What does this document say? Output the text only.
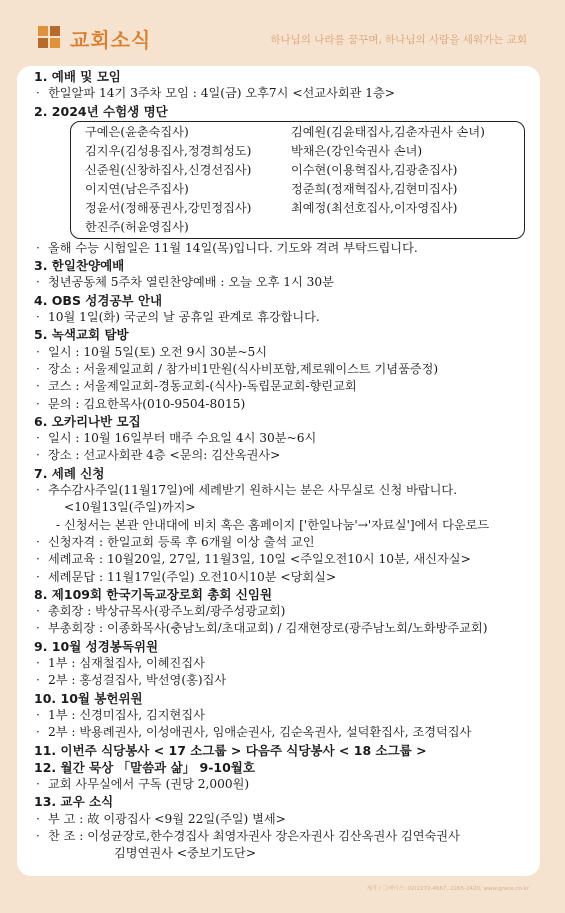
교회소식	하나님의 나라를 꿈꾸며, 하나님의 사람을 세워가는 교회
1. 예배 및 모임
· 한일알파 14기 3주차 모임 : 4일(금) 오후7시 <선교사회관 1층>
2. 2024년 수험생 명단
구예은(윤춘숙집사)	김예원(김윤태집사,김춘자권사 손녀)
김지우(김성용집사,정경희성도)	박채은(강인숙권사 손녀)
신준원(신창하집사,신경선집사)	이수현(이용혁집사,김광춘집사)
이지연(남은주집사)	정준희(정재혁집사,김현미집사)
정윤서(정해풍권사,강민정집사)	최예정(최선호집사,이자영집사)
한진주(허윤영집사)
· 올해 수능 시험일은 11월 14일(목)입니다. 기도와 격려 부탁드립니다.
3. 한일찬양예배
· 청년공동체 5주차 열린찬양예배 : 오늘 오후 1시 30분
4. OBS 성경공부 안내
· 10월 1일(화) 국군의 날 공휴일 관계로 휴강합니다.
5. 녹색교회 탐방
· 일시 : 10월 5일(토) 오전 9시 30분~5시
· 장소 : 서울제일교회 / 참가비1만원(식사비포함,제로웨이스트 기념품증정)
· 코스 : 서울제일교회-경동교회-(식사)-독립문교회-향린교회
· 문의 : 김요한목사(010-9504-8015)
6. 오카리나반 모집
· 일시 : 10월 16일부터 매주 수요일 4시 30분~6시
· 장소 : 선교사회관 4층 <문의: 김산옥권사>
7. 세례 신청
· 추수감사주일(11월17일)에 세례받기 원하시는 분은 사무실로 신청 바랍니다.
<10월13일(주일)까지>
- 신청서는 본관 안내대에 비치 혹은 홈페이지 ['한일나눔'→'자료실']에서 다운로드
· 신청자격 : 한일교회 등록 후 6개월 이상 출석 교인
· 세례교육 : 10월20일, 27일, 11월3일, 10일 <주일오전10시 10분, 새신자실>
· 세례문답 : 11월17일(주일) 오전10시10분 <당회실>
8. 제109회 한국기독교장로회 총회 신임원
· 총회장 : 박상규목사(광주노회/광주성광교회)
· 부총회장 : 이종화목사(충남노회/초대교회) / 김재현장로(광주남노회/노화방주교회)
9. 10월 성경봉독위원
· 1부 : 심재철집사, 이혜진집사
· 2부 : 홍성걸집사, 박선영(홍)집사
10. 10월 봉헌위원
· 1부 : 신경미집사, 김지현집사
· 2부 : 박용례권사, 이성애권사, 임애순권사, 김순옥권사, 설덕환집사, 조경덕집사
11. 이번주 식당봉사 < 17 소그룹 > 다음주 식당봉사 < 18 소그룹 >
12. 월간 묵상 「말씀과 삶」 9-10월호
· 교회 사무실에서 구독 (권당 2,000원)
13. 교우 소식
· 부 고 : 故 이광집사 <9월 22일(주일) 별세>
· 찬 조 : 이성균장로,한수경집사 최영자권사 장은자권사 김산옥권사 김연숙권사
김명연권사 <중보기도단>
제작 / 그레이스: 02)2272-4667, 2265-2420, www.grace.co.kr
